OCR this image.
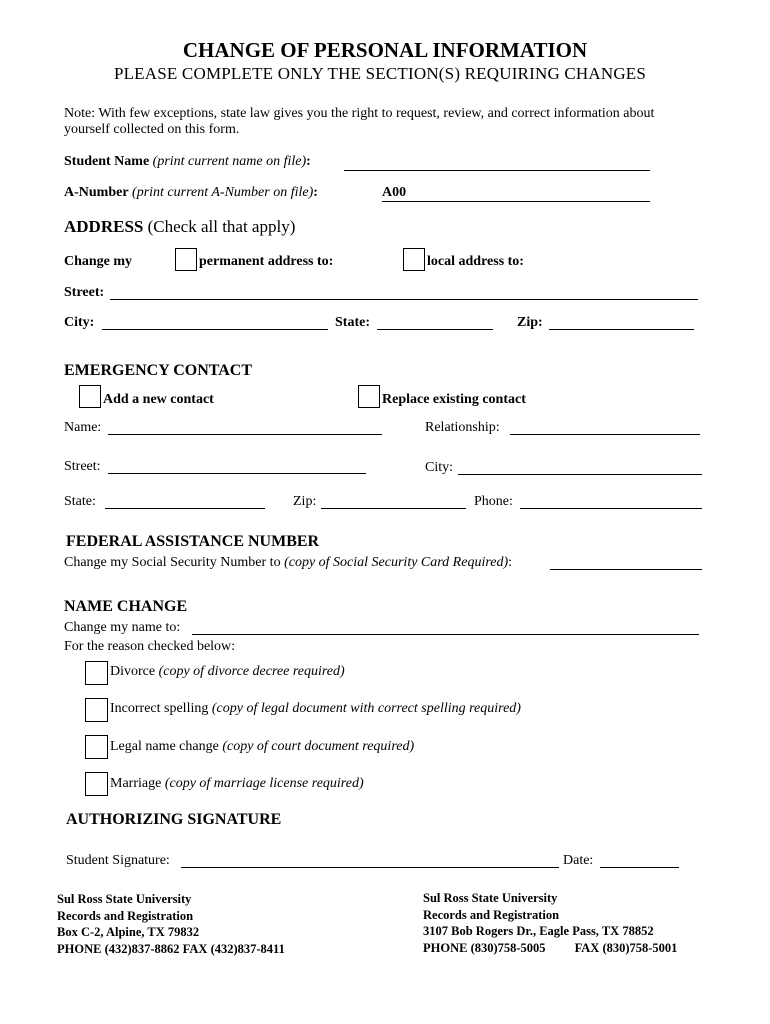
CHANGE OF PERSONAL INFORMATION
PLEASE COMPLETE ONLY THE SECTION(S) REQUIRING CHANGES
Note: With few exceptions, state law gives you the right to request, review, and correct information about
yourself collected on this form.
Student Name (print current name on file):
A-Number (print current A-Number on file):	A00
ADDRESS (Check all that apply)
Change my	permanent address to:	local address to:
Street:
City:	State:	Zip:
EMERGENCY CONTACT
Add a new contact	Replace existing contact
Name:	Relationship:
Street:	City:
State:	Zip:	Phone:
FEDERAL ASSISTANCE NUMBER
Change my Social Security Number to (copy of Social Security Card Required):
NAME CHANGE
Change my name to:
For the reason checked below:
Divorce (copy of divorce decree required)
Incorrect spelling (copy of legal document with correct spelling required)
Legal name change (copy of court document required)
Marriage (copy of marriage license required)
AUTHORIZING SIGNATURE
Student Signature:	Date:
Sul Ross State University
Records and Registration
Box C-2, Alpine, TX 79832
PHONE (432)837-8862 FAX (432)837-8411
Sul Ross State University
Records and Registration
3107 Bob Rogers Dr., Eagle Pass, TX 78852
PHONE (830)758-5005 FAX (830)758-5001
